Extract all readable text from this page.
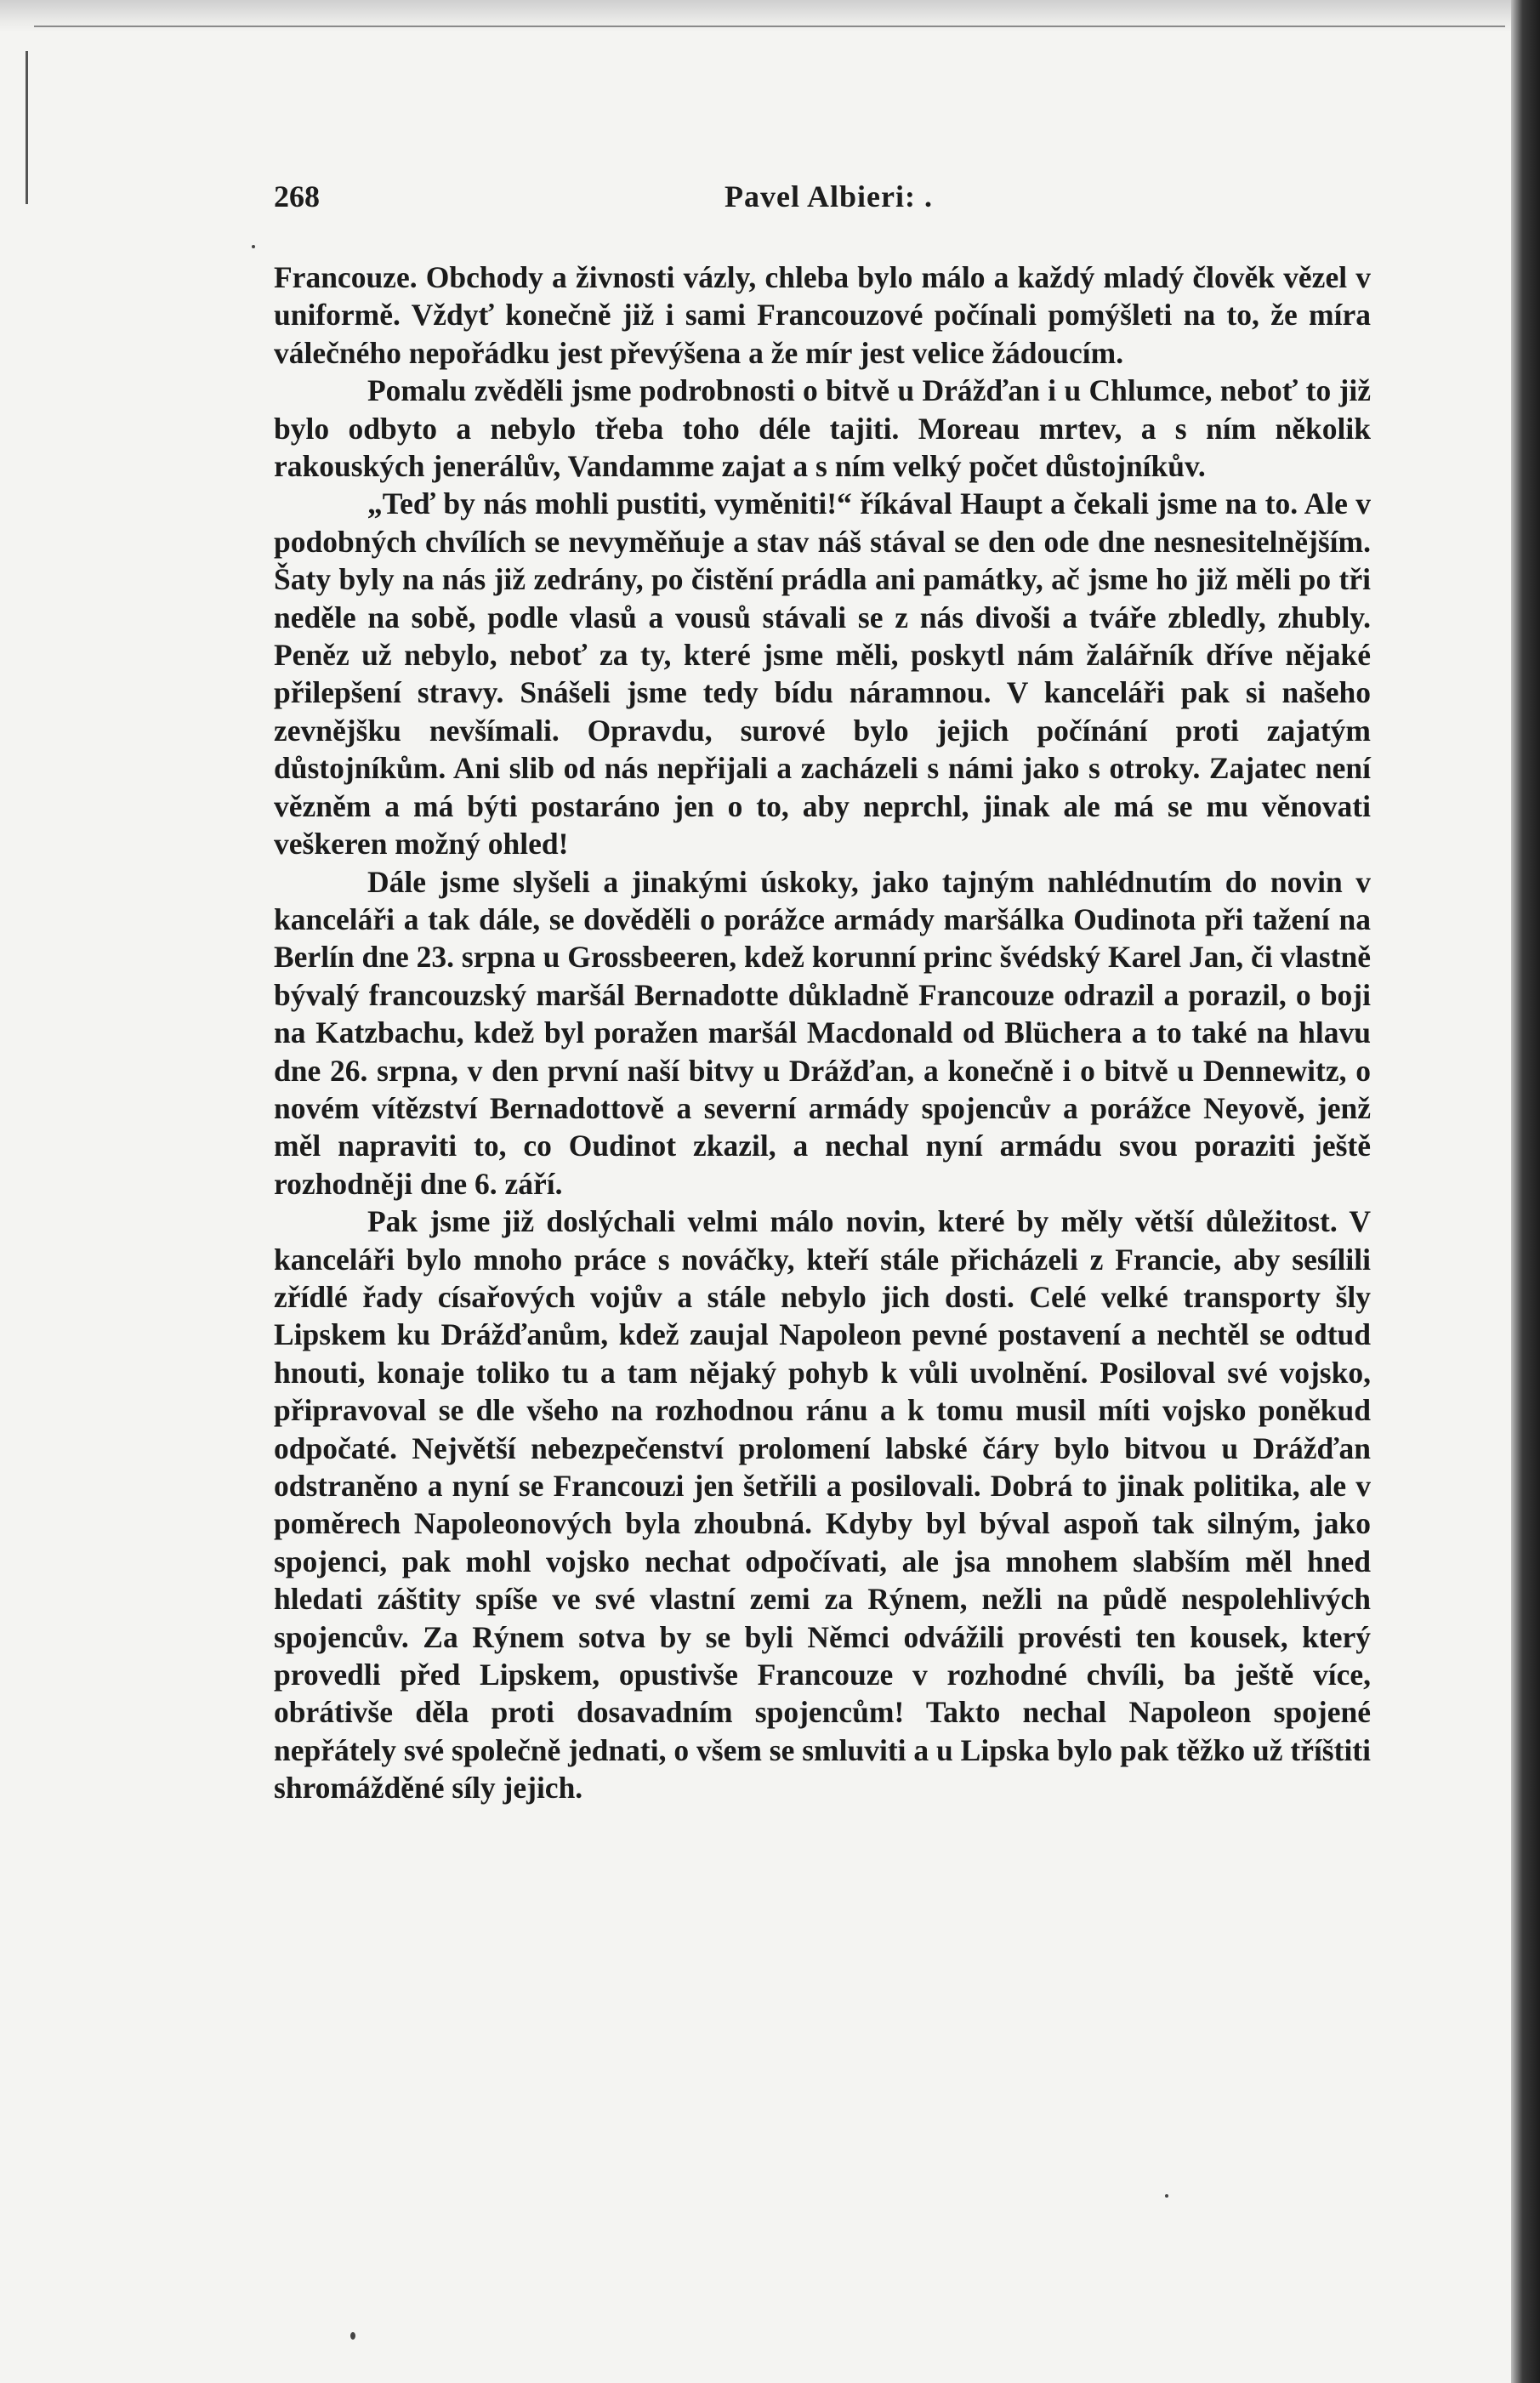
268	Pavel Albieri: .

Francouze. Obchody a živnosti vázly, chleba bylo málo a každý mladý člověk vězel v uniformě. Vždyť konečně již i sami Francouzové počínali pomýšleti na to, že míra válečného nepořádku jest převýšena a že mír jest velice žádoucím.

Pomalu zvěděli jsme podrobnosti o bitvě u Drážďan i u Chlumce, neboť to již bylo odbyto a nebylo třeba toho déle tajiti. Moreau mrtev, a s ním několik rakouských jenerálův, Vandamme zajat a s ním velký počet důstojníkův.

„Teď by nás mohli pustiti, vyměniti!“ říkával Haupt a čekali jsme na to. Ale v podobných chvílích se nevyměňuje a stav náš stával se den ode dne nesnesitelnějším. Šaty byly na nás již zedrány, po čistění prádla ani památky, ač jsme ho již měli po tři neděle na sobě, podle vlasů a vousů stávali se z nás divoši a tváře zbledly, zhubly. Peněz už nebylo, neboť za ty, které jsme měli, poskytl nám žalářník dříve nějaké přilepšení stravy. Snášeli jsme tedy bídu náramnou. V kanceláři pak si našeho zevnějšku nevšímali. Opravdu, surové bylo jejich počínání proti zajatým důstojníkům. Ani slib od nás nepřijali a zacházeli s námi jako s otroky. Zajatec není vězněm a má býti postaráno jen o to, aby neprchl, jinak ale má se mu věnovati veškeren možný ohled!

Dále jsme slyšeli a jinakými úskoky, jako tajným nahlédnutím do novin v kanceláři a tak dále, se dověděli o porážce armády maršálka Oudinota při tažení na Berlín dne 23. srpna u Grossbeeren, kdež korunní princ švédský Karel Jan, či vlastně bývalý francouzský maršál Bernadotte důkladně Francouze odrazil a porazil, o boji na Katzbachu, kdež byl poražen maršál Macdonald od Blüchera a to také na hlavu dne 26. srpna, v den první naší bitvy u Drážďan, a konečně i o bitvě u Dennewitz, o novém vítězství Bernadottově a severní armády spojencův a porážce Neyově, jenž měl napraviti to, co Oudinot zkazil, a nechal nyní armádu svou poraziti ještě rozhodněji dne 6. září.

Pak jsme již doslýchali velmi málo novin, které by měly větší důležitost. V kanceláři bylo mnoho práce s nováčky, kteří stále přicházeli z Francie, aby sesílili zřídlé řady císařových vojův a stále nebylo jich dosti. Celé velké transporty šly Lipskem ku Drážďanům, kdež zaujal Napoleon pevné postavení a nechtěl se odtud hnouti, konaje toliko tu a tam nějaký pohyb k vůli uvolnění. Posiloval své vojsko, připravoval se dle všeho na rozhodnou ránu a k tomu musil míti vojsko poněkud odpočaté. Největší nebezpečenství prolomení labské čáry bylo bitvou u Drážďan odstraněno a nyní se Francouzi jen šetřili a posilovali. Dobrá to jinak politika, ale v poměrech Napoleonových byla zhoubná. Kdyby byl býval aspoň tak silným, jako spojenci, pak mohl vojsko nechat odpočívati, ale jsa mnohem slabším měl hned hledati záštity spíše ve své vlastní zemi za Rýnem, nežli na půdě nespolehlivých spojencův. Za Rýnem sotva by se byli Němci odvážili provésti ten kousek, který provedli před Lipskem, opustivše Francouze v rozhodné chvíli, ba ještě více, obrátivše děla proti dosavadním spojencům! Takto nechal Napoleon spojené nepřátely své společně jednati, o všem se smluviti a u Lipska bylo pak těžko už tříštiti shromážděné síly jejich.
